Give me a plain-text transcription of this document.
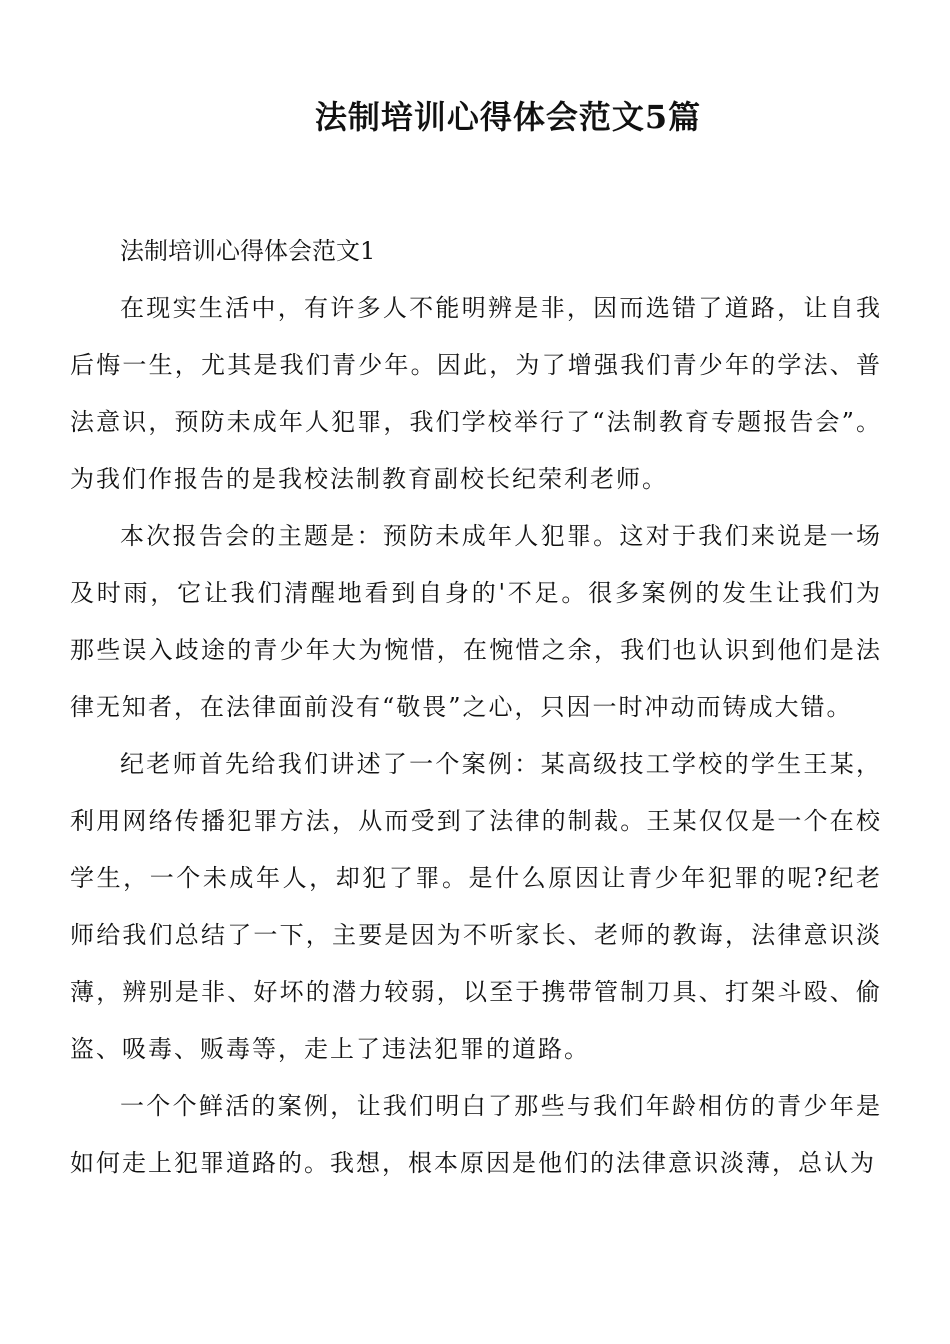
法制培训心得体会范文5篇

法制培训心得体会范文1

在现实生活中，有许多人不能明辨是非，因而选错了道路，让自我后悔一生，尤其是我们青少年。因此，为了增强我们青少年的学法、普法意识，预防未成年人犯罪，我们学校举行了“法制教育专题报告会”。为我们作报告的是我校法制教育副校长纪荣利老师。

本次报告会的主题是：预防未成年人犯罪。这对于我们来说是一场及时雨，它让我们清醒地看到自身的'不足。很多案例的发生让我们为那些误入歧途的青少年大为惋惜，在惋惜之余，我们也认识到他们是法律无知者，在法律面前没有“敬畏”之心，只因一时冲动而铸成大错。

纪老师首先给我们讲述了一个案例：某高级技工学校的学生王某，利用网络传播犯罪方法，从而受到了法律的制裁。王某仅仅是一个在校学生，一个未成年人，却犯了罪。是什么原因让青少年犯罪的呢?纪老师给我们总结了一下，主要是因为不听家长、老师的教诲，法律意识淡薄，辨别是非、好坏的潜力较弱，以至于携带管制刀具、打架斗殴、偷盗、吸毒、贩毒等，走上了违法犯罪的道路。

一个个鲜活的案例，让我们明白了那些与我们年龄相仿的青少年是如何走上犯罪道路的。我想，根本原因是他们的法律意识淡薄，总认为
